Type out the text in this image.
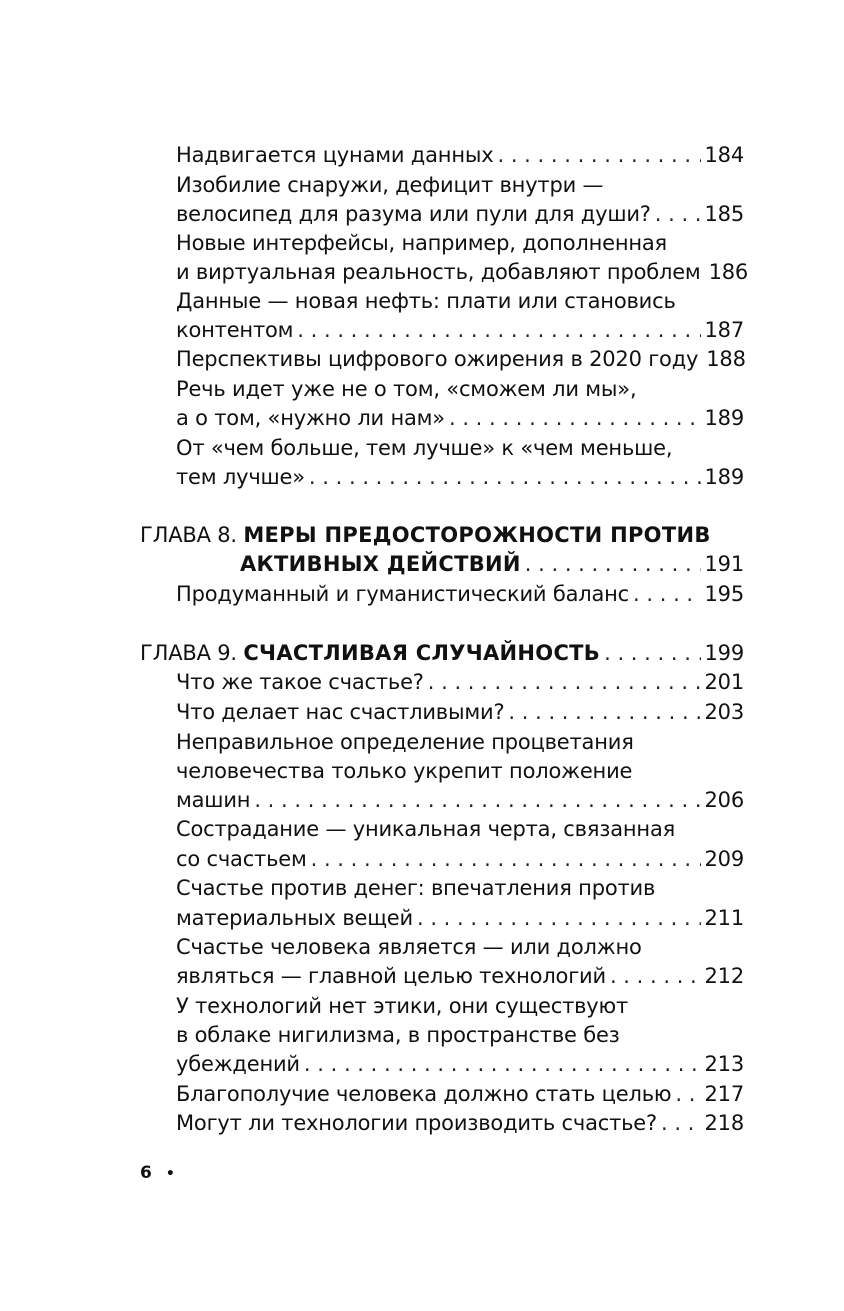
Надвигается цунами данных . . .	184
Изобилие снаружи, дефицит внутри —
велосипед для разума или пули для души? . . .	185
Новые интерфейсы, например, дополненная
и виртуальная реальность, добавляют проблем 186
Данные — новая нефть: плати или становись
контентом . . .	187
Перспективы цифрового ожирения в 2020 году 188
Речь идет уже не о том, «сможем ли мы»,
а о том, «нужно ли нам» . . .	189
От «чем больше, тем лучше» к «чем меньше,
тем лучше» . . .	189
ГЛАВА 8. МЕРЫ ПРЕДОСТОРОЖНОСТИ ПРОТИВ
АКТИВНЫХ ДЕЙСТВИЙ . . .	191
Продуманный и гуманистический баланс . . .	195
ГЛАВА 9. СЧАСТЛИВАЯ СЛУЧАЙНОСТЬ . . .	199
Что же такое счастье? . . .	201
Что делает нас счастливыми? . . .	203
Неправильное определение процветания
человечества только укрепит положение
машин . . .	206
Сострадание — уникальная черта, связанная
со счастьем . . .	209
Счастье против денег: впечатления против
материальных вещей . . .	211
Счастье человека является — или должно
являться — главной целью технологий . . .	212
У технологий нет этики, они существуют
в облаке нигилизма, в пространстве без
убеждений . . .	213
Благополучие человека должно стать целью . . . 217
Могут ли технологии производить счастье? . . . 218
6 •
